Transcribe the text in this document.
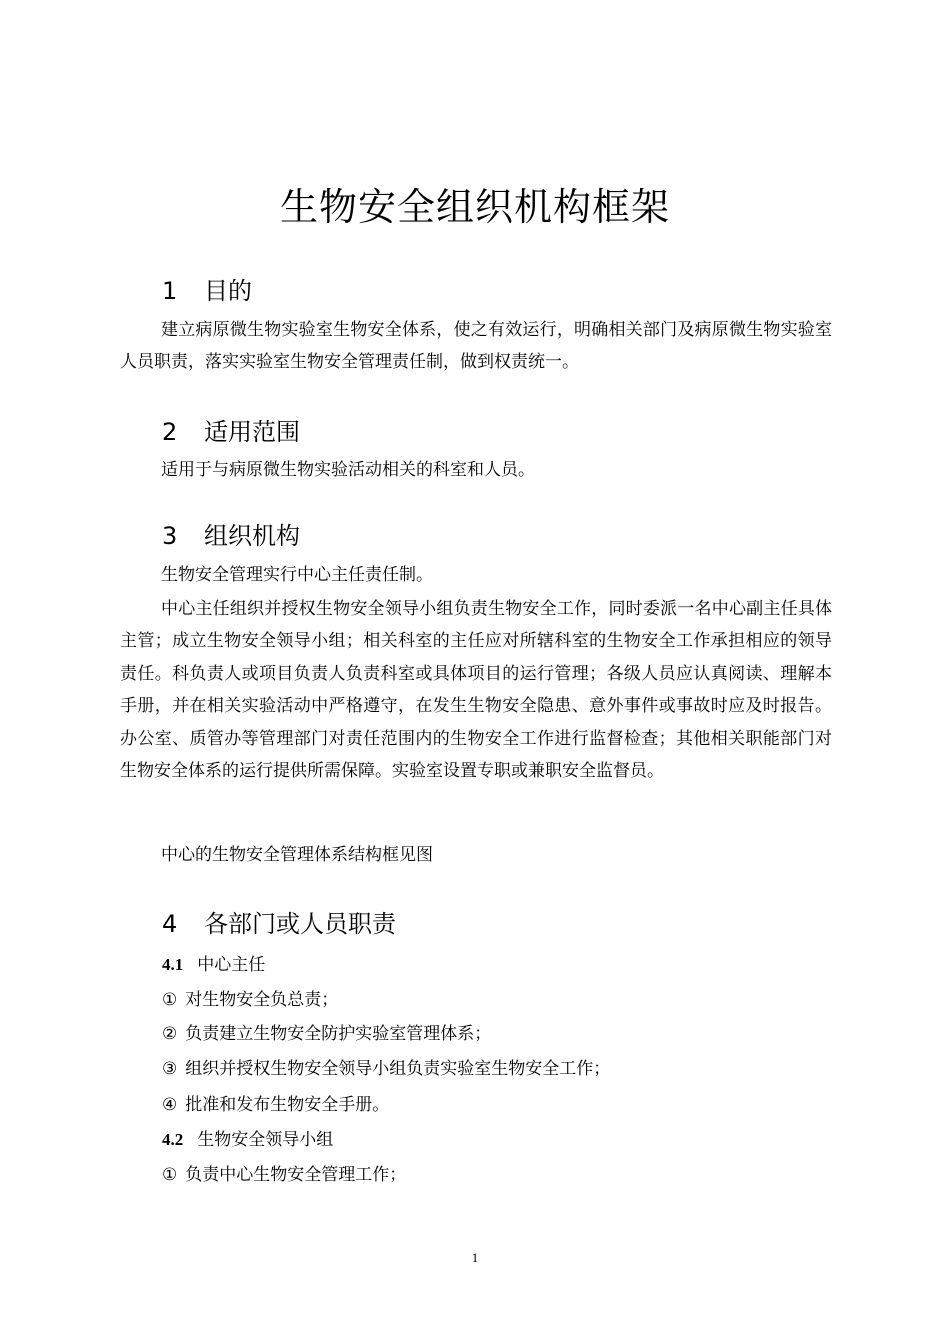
生物安全组织机构框架
1 目的

建立病原微生物实验室生物安全体系，使之有效运行，明确相关部门及病原微生物实验室人员职责，落实实验室生物安全管理责任制，做到权责统一。

2 适用范围

适用于与病原微生物实验活动相关的科室和人员。

3 组织机构

生物安全管理实行中心主任责任制。

中心主任组织并授权生物安全领导小组负责生物安全工作，同时委派一名中心副主任具体主管；成立生物安全领导小组；相关科室的主任应对所辖科室的生物安全工作承担相应的领导责任。科负责人或项目负责人负责科室或具体项目的运行管理；各级人员应认真阅读、理解本手册，并在相关实验活动中严格遵守，在发生生物安全隐患、意外事件或事故时应及时报告。办公室、质管办等管理部门对责任范围内的生物安全工作进行监督检查；其他相关职能部门对生物安全体系的运行提供所需保障。实验室设置专职或兼职安全监督员。

中心的生物安全管理体系结构框见图

4 各部门或人员职责

4.1 中心主任

① 对生物安全负总责；

② 负责建立生物安全防护实验室管理体系；

③ 组织并授权生物安全领导小组负责实验室生物安全工作；

④ 批准和发布生物安全手册。

4.2 生物安全领导小组

① 负责中心生物安全管理工作；

1
